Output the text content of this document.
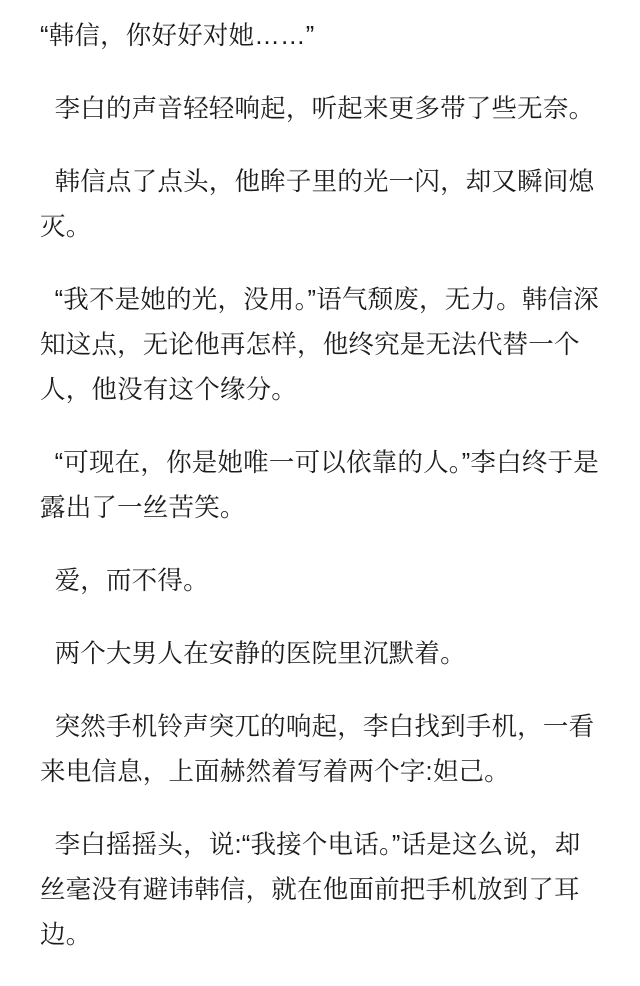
“韩信，你好好对她……”

李白的声音轻轻响起，听起来更多带了些无奈。

韩信点了点头，他眸子里的光一闪，却又瞬间熄灭。

“我不是她的光，没用。”语气颓废，无力。韩信深知这点，无论他再怎样，他终究是无法代替一个人，他没有这个缘分。

“可现在，你是她唯一可以依靠的人。”李白终于是露出了一丝苦笑。

爱，而不得。

两个大男人在安静的医院里沉默着。

突然手机铃声突兀的响起，李白找到手机，一看来电信息，上面赫然着写着两个字:妲己。

李白摇摇头，说:“我接个电话。”话是这么说，却丝毫没有避讳韩信，就在他面前把手机放到了耳边。
